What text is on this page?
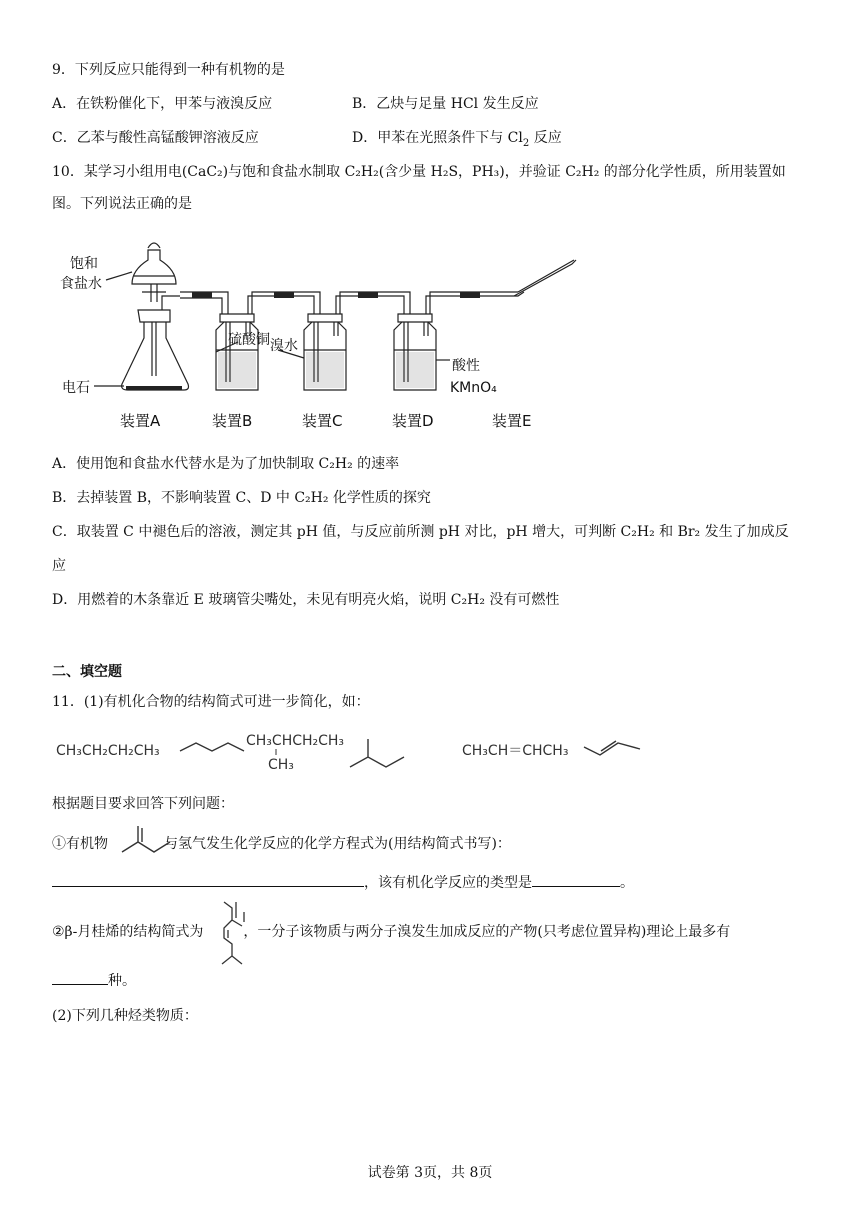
9．下列反应只能得到一种有机物的是
A．在铁粉催化下，甲苯与液溴反应	B．乙炔与足量 HCl 发生反应
C．乙苯与酸性高锰酸钾溶液反应	D．甲苯在光照条件下与 $Cl_2$ 反应
10．某学习小组用电(CaC₂)与饱和食盐水制取 C₂H₂(含少量 H₂S，PH₃)，并验证 C₂H₂ 的部分化学性质，所用装置如
图。下列说法正确的是
饱和
食盐水
电石
硫酸铜 溴水
酸性
KMnO₄
装置A	装置B	装置C	装置D	装置E
A．使用饱和食盐水代替水是为了加快制取 C₂H₂ 的速率
B．去掉装置 B，不影响装置 C、D 中 C₂H₂ 化学性质的探究
C．取装置 C 中褪色后的溶液，测定其 pH 值，与反应前所测 pH 对比，pH 增大，可判断 C₂H₂ 和 Br₂ 发生了加成反
应
D．用燃着的木条靠近 E 玻璃管尖嘴处，未见有明亮火焰，说明 C₂H₂ 没有可燃性
二、填空题
11．(1)有机化合物的结构简式可进一步简化，如：
CH₃CH₂CH₂CH₃
CH₃CHCH₂CH₃
CH₃
CH₃CH＝CHCH₃
根据题目要求回答下列问题：
①有机物	与氢气发生化学反应的化学方程式为(用结构简式书写)：
，该有机化学反应的类型是	。
②β-月桂烯的结构简式为	，一分子该物质与两分子溴发生加成反应的产物(只考虑位置异构)理论上最多有
种。
(2)下列几种烃类物质：
试卷第 3页，共 8页
